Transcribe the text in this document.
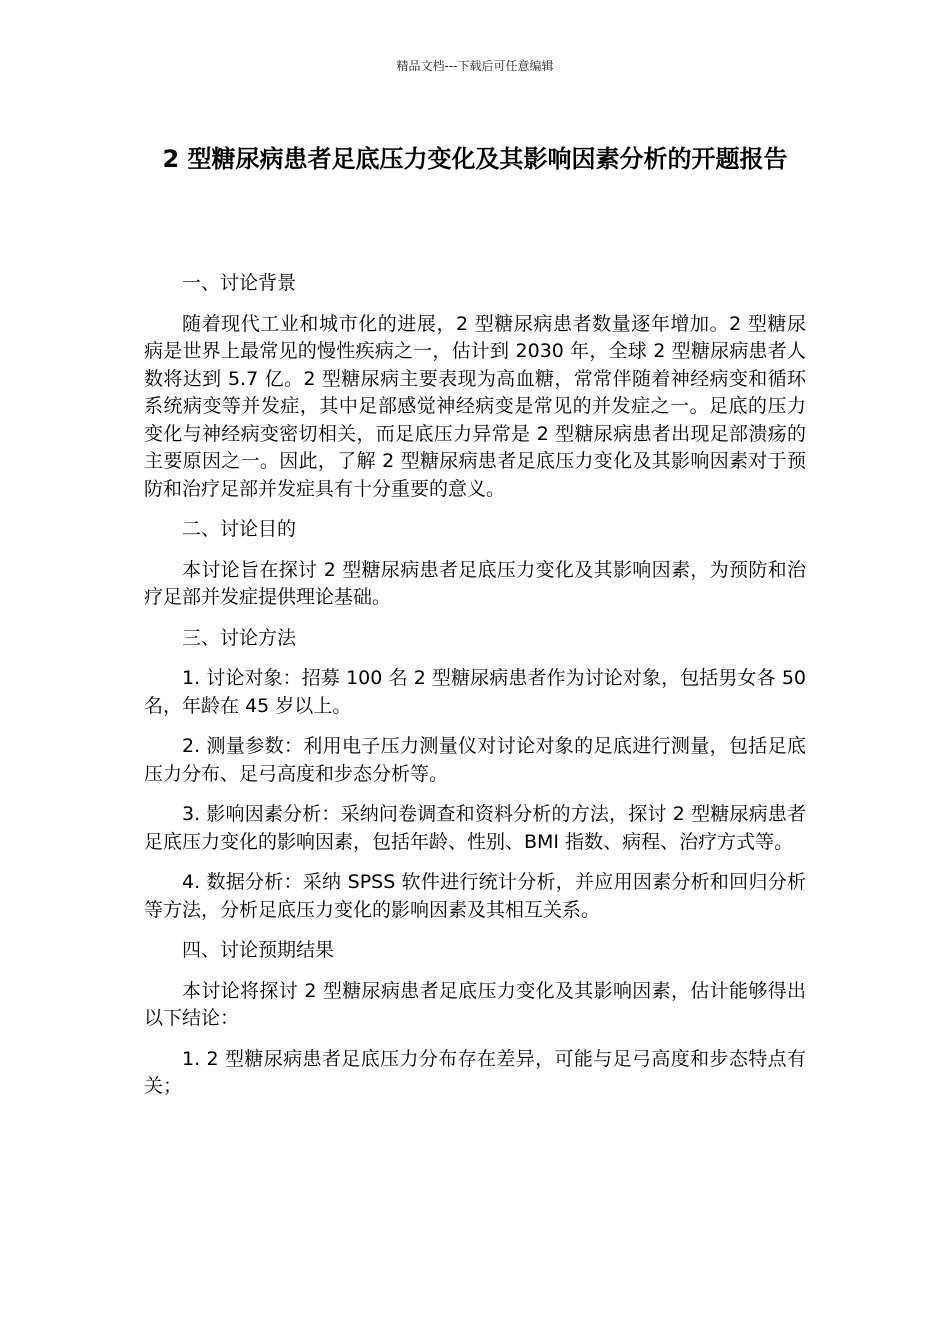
精品文档---下载后可任意编辑
2 型糖尿病患者足底压力变化及其影响因素分析的开题报告
一、讨论背景
随着现代工业和城市化的进展，2 型糖尿病患者数量逐年增加。2 型糖尿病是世界上最常见的慢性疾病之一，估计到 2030 年，全球 2 型糖尿病患者人数将达到 5.7 亿。2 型糖尿病主要表现为高血糖，常常伴随着神经病变和循环系统病变等并发症，其中足部感觉神经病变是常见的并发症之一。足底的压力变化与神经病变密切相关，而足底压力异常是 2 型糖尿病患者出现足部溃疡的主要原因之一。因此，了解 2 型糖尿病患者足底压力变化及其影响因素对于预防和治疗足部并发症具有十分重要的意义。
二、讨论目的
本讨论旨在探讨 2 型糖尿病患者足底压力变化及其影响因素，为预防和治疗足部并发症提供理论基础。
三、讨论方法
1. 讨论对象：招募 100 名 2 型糖尿病患者作为讨论对象，包括男女各 50 名，年龄在 45 岁以上。
2. 测量参数：利用电子压力测量仪对讨论对象的足底进行测量，包括足底压力分布、足弓高度和步态分析等。
3. 影响因素分析：采纳问卷调查和资料分析的方法，探讨 2 型糖尿病患者足底压力变化的影响因素，包括年龄、性别、BMI 指数、病程、治疗方式等。
4. 数据分析：采纳 SPSS 软件进行统计分析，并应用因素分析和回归分析等方法，分析足底压力变化的影响因素及其相互关系。
四、讨论预期结果
本讨论将探讨 2 型糖尿病患者足底压力变化及其影响因素，估计能够得出以下结论：
1. 2 型糖尿病患者足底压力分布存在差异，可能与足弓高度和步态特点有关；
